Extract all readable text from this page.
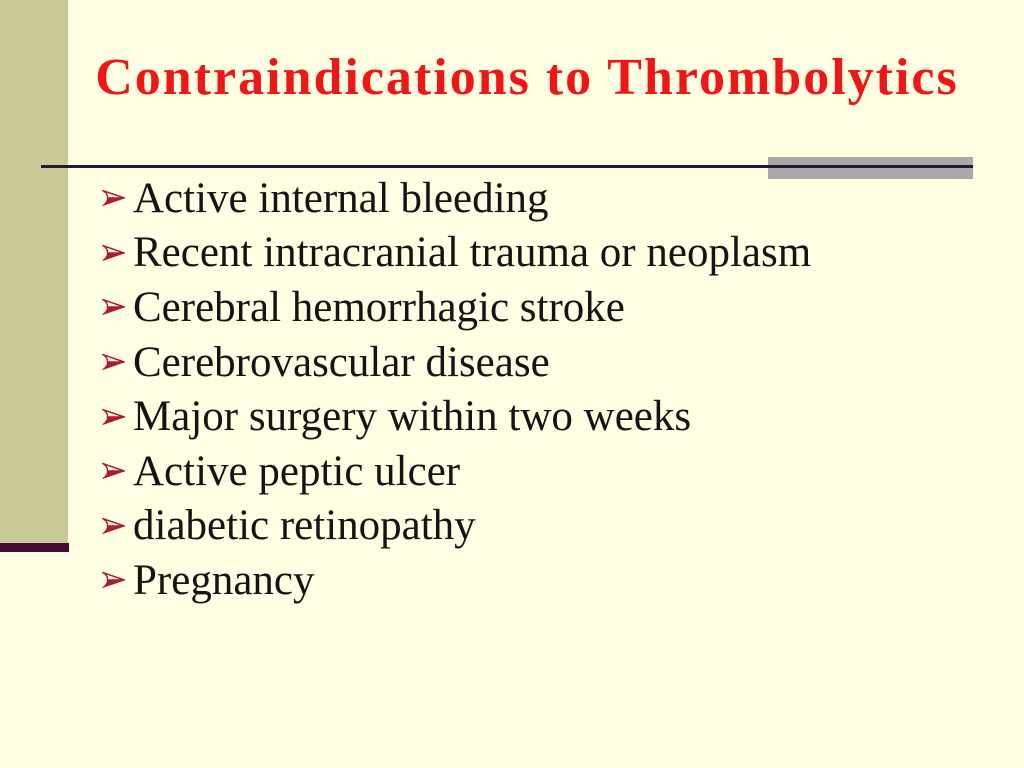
Contraindications to Thrombolytics
Active internal bleeding
Recent intracranial trauma or neoplasm
Cerebral hemorrhagic stroke
Cerebrovascular disease
Major surgery within two weeks
Active peptic ulcer
diabetic retinopathy
Pregnancy
